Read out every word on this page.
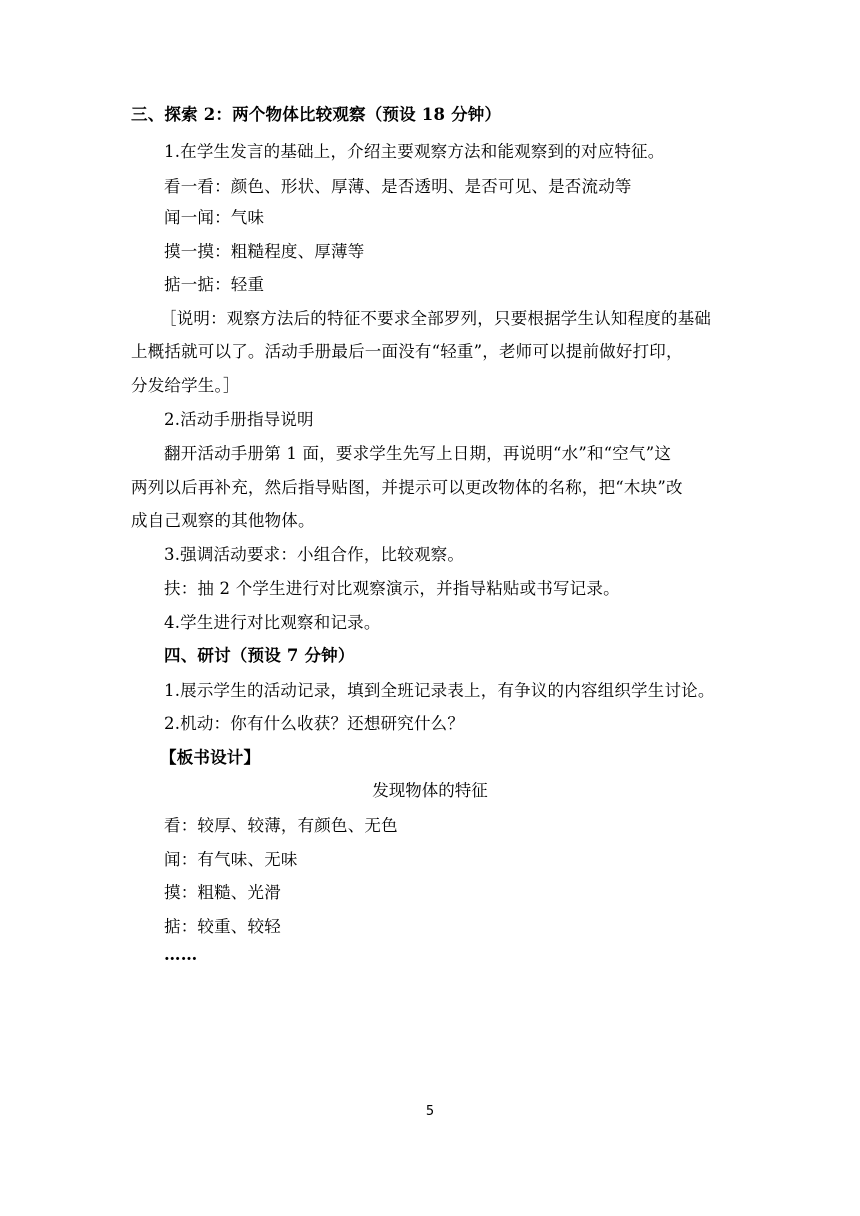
三、探索 2：两个物体比较观察（预设 18 分钟）
1.在学生发言的基础上，介绍主要观察方法和能观察到的对应特征。
看一看：颜色、形状、厚薄、是否透明、是否可见、是否流动等
闻一闻：气味
摸一摸：粗糙程度、厚薄等
掂一掂：轻重
［说明：观察方法后的特征不要求全部罗列，只要根据学生认知程度的基础
上概括就可以了。活动手册最后一面没有“轻重”，老师可以提前做好打印，
分发给学生。］
2.活动手册指导说明
翻开活动手册第 1 面，要求学生先写上日期，再说明“水”和“空气”这
两列以后再补充，然后指导贴图，并提示可以更改物体的名称，把“木块”改
成自己观察的其他物体。
3.强调活动要求：小组合作，比较观察。
扶：抽 2 个学生进行对比观察演示，并指导粘贴或书写记录。
4.学生进行对比观察和记录。
四、研讨（预设 7 分钟）
1.展示学生的活动记录，填到全班记录表上，有争议的内容组织学生讨论。
2.机动：你有什么收获？还想研究什么？
【板书设计】
发现物体的特征
看：较厚、较薄，有颜色、无色
闻：有气味、无味
摸：粗糙、光滑
掂：较重、较轻
……
5
